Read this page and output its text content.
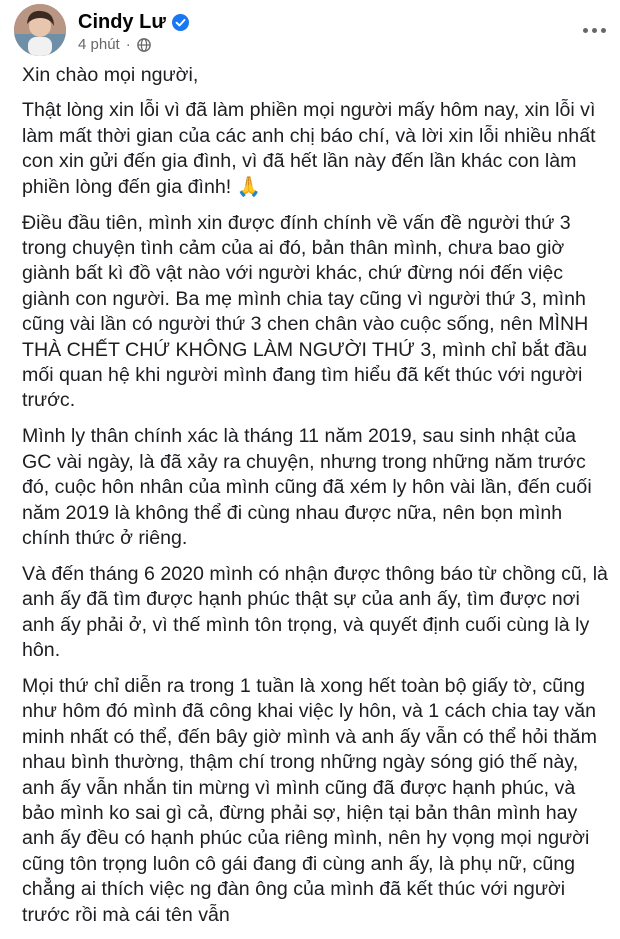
Cindy Lư
4 phút ·

Xin chào mọi người,

Thật lòng xin lỗi vì đã làm phiền mọi người mấy hôm nay, xin lỗi vì làm mất thời gian của các anh chị báo chí, và lời xin lỗi nhiều nhất con xin gửi đến gia đình, vì đã hết lần này đến lần khác con làm phiền lòng đến gia đình! 🙏

Điều đầu tiên, mình xin được đính chính về vấn đề người thứ 3 trong chuyện tình cảm của ai đó, bản thân mình, chưa bao giờ giành bất kì đồ vật nào với người khác, chứ đừng nói đến việc giành con người. Ba mẹ mình chia tay cũng vì người thứ 3, mình cũng vài lần có người thứ 3 chen chân vào cuộc sống, nên MÌNH THÀ CHẾT CHỨ KHÔNG LÀM NGƯỜI THỨ 3, mình chỉ bắt đầu mối quan hệ khi người mình đang tìm hiểu đã kết thúc với người trước.

Mình ly thân chính xác là tháng 11 năm 2019, sau sinh nhật của GC vài ngày, là đã xảy ra chuyện, nhưng trong những năm trước đó, cuộc hôn nhân của mình cũng đã xém ly hôn vài lần, đến cuối năm 2019 là không thể đi cùng nhau được nữa, nên bọn mình chính thức ở riêng.

Và đến tháng 6 2020 mình có nhận được thông báo từ chồng cũ, là anh ấy đã tìm được hạnh phúc thật sự của anh ấy, tìm được nơi anh ấy phải ở, vì thế mình tôn trọng, và quyết định cuối cùng là ly hôn.

Mọi thứ chỉ diễn ra trong 1 tuần là xong hết toàn bộ giấy tờ, cũng như hôm đó mình đã công khai việc ly hôn, và 1 cách chia tay văn minh nhất có thể, đến bây giờ mình và anh ấy vẫn có thể hỏi thăm nhau bình thường, thậm chí trong những ngày sóng gió thế này, anh ấy vẫn nhắn tin mừng vì mình cũng đã được hạnh phúc, và bảo mình ko sai gì cả, đừng phải sợ, hiện tại bản thân mình hay anh ấy đều có hạnh phúc của riêng mình, nên hy vọng mọi người cũng tôn trọng luôn cô gái đang đi cùng anh ấy, là phụ nữ, cũng chẳng ai thích việc ng đàn ông của mình đã kết thúc với người trước rồi mà cái tên vẫn
